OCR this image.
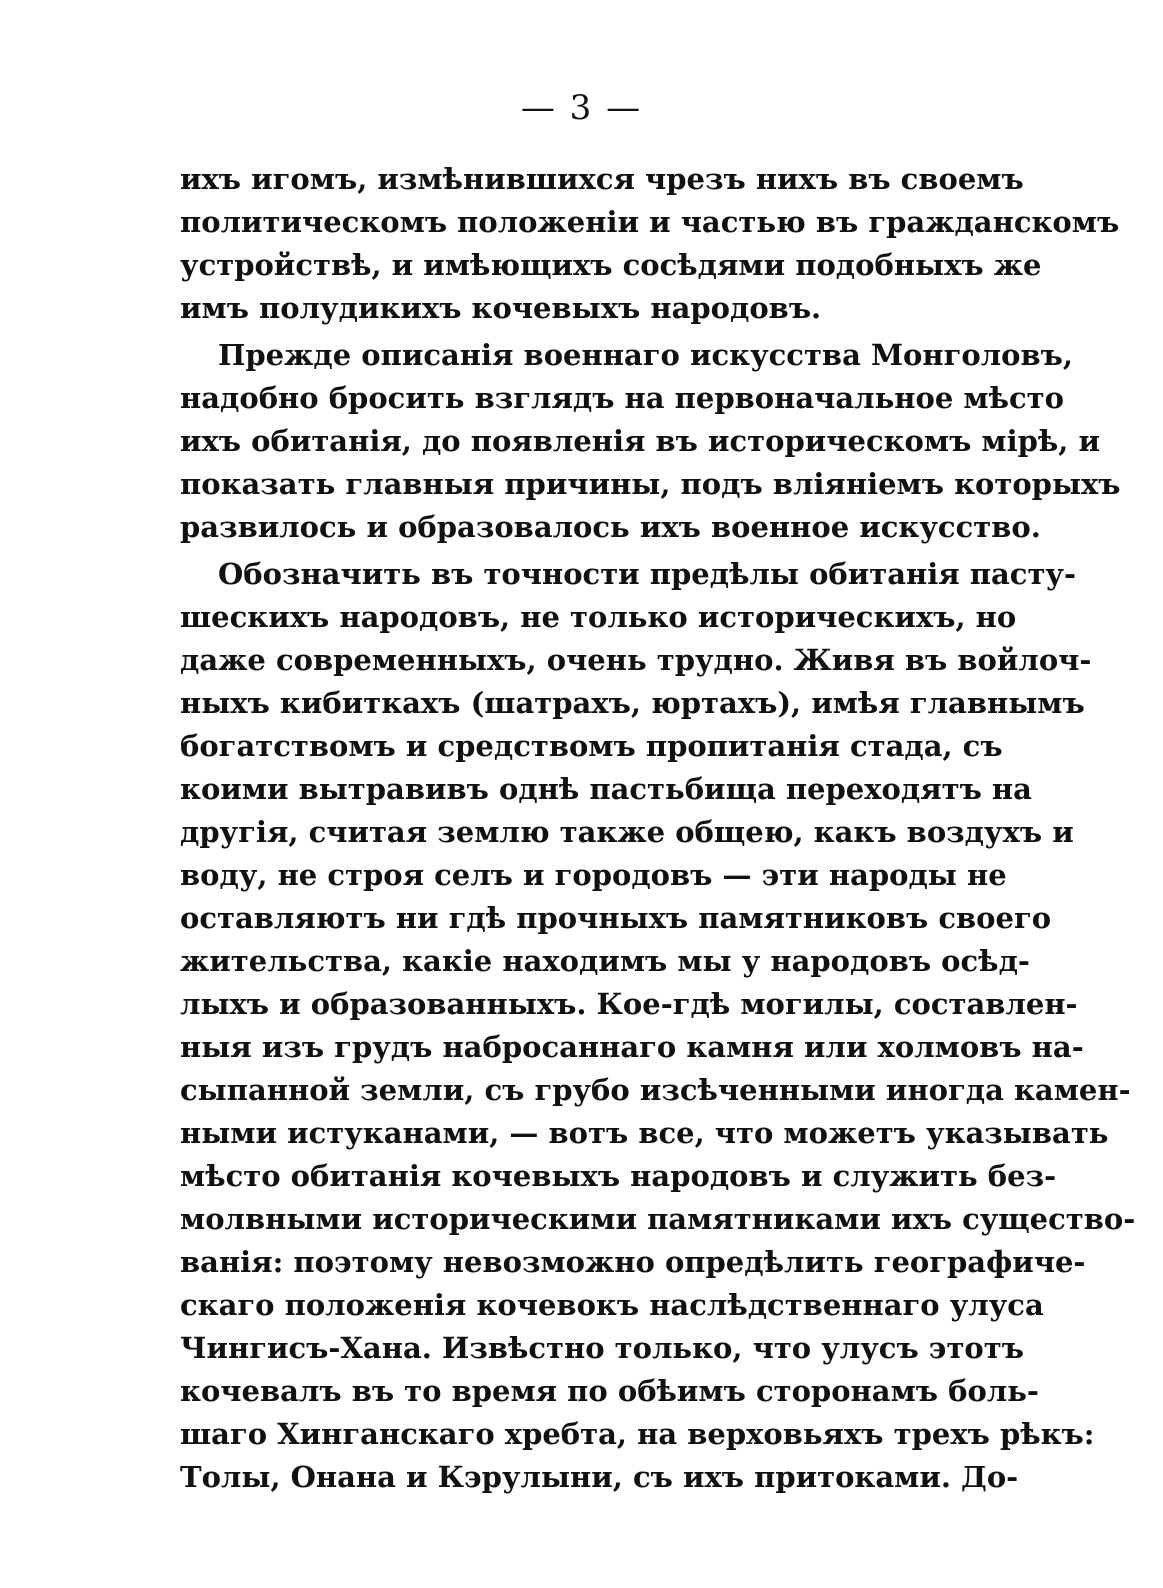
— 3 —
ихъ игомъ, измѣнившихся чрезъ нихъ въ своемъ
политическомъ положенiи и частью въ гражданскомъ
устройствѣ, и имѣющихъ сосѣдями подобныхъ же
имъ полудикихъ кочевыхъ народовъ.
Прежде описанiя военнаго искусства Монголовъ,
надобно бросить взглядъ на первоначальное мѣсто
ихъ обитанiя, до появленiя въ историческомъ мiрѣ, и
показать главныя причины, подъ влiянiемъ которыхъ
развилось и образовалось ихъ военное искусство.
Обозначить въ точности предѣлы обитанiя пасту-
шескихъ народовъ, не только историческихъ, но
даже современныхъ, очень трудно. Живя въ войлоч-
ныхъ кибиткахъ (шатрахъ, юртахъ), имѣя главнымъ
богатствомъ и средствомъ пропитанiя стада, съ
коими вытравивъ однѣ пастьбища переходятъ на
другiя, считая землю также общею, какъ воздухъ и
воду, не строя селъ и городовъ — эти народы не
оставляютъ ни гдѣ прочныхъ памятниковъ своего
жительства, какiе находимъ мы у народовъ осѣд-
лыхъ и образованныхъ. Кое-гдѣ могилы, составлен-
ныя изъ грудъ набросаннаго камня или холмовъ на-
сыпанной земли, съ грубо изсѣченными иногда камен-
ными истуканами, — вотъ все, что можетъ указывать
мѣсто обитанiя кочевыхъ народовъ и служить без-
молвными историческими памятниками ихъ существо-
ванiя: поэтому невозможно опредѣлить географиче-
скаго положенiя кочевокъ наслѣдственнаго улуса
Чингисъ-Хана. Извѣстно только, что улусъ этотъ
кочевалъ въ то время по обѣимъ сторонамъ боль-
шаго Хинганскаго хребта, на верховьяхъ трехъ рѣкъ:
Толы, Онана и Кэрулыни, съ ихъ притоками. До-
